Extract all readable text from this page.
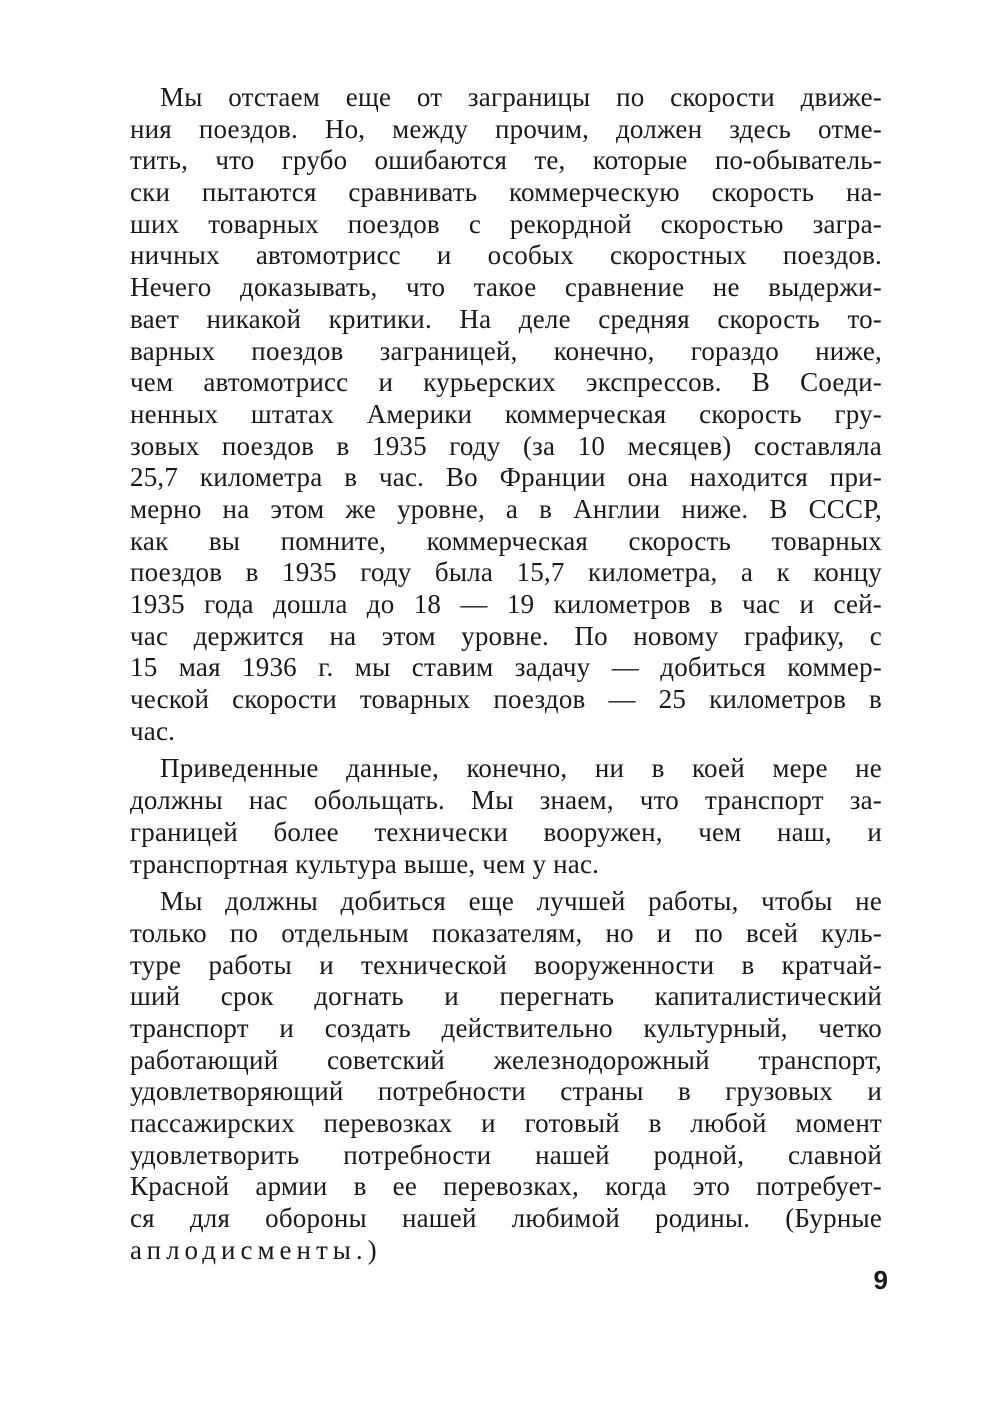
Мы отстаем еще от заграницы по скорости движе-
ния поездов. Но, между прочим, должен здесь отме-
тить, что грубо ошибаются те, которые по-обыватель-
ски пытаются сравнивать коммерческую скорость на-
ших товарных поездов с рекордной скоростью загра-
ничных автомотрисс и особых скоростных поездов.
Нечего доказывать, что такое сравнение не выдержи-
вает никакой критики. На деле средняя скорость то-
варных поездов заграницей, конечно, гораздо ниже,
чем автомотрисс и курьерских экспрессов. В Соеди-
ненных штатах Америки коммерческая скорость гру-
зовых поездов в 1935 году (за 10 месяцев) составляла
25,7 километра в час. Во Франции она находится при-
мерно на этом же уровне, а в Англии ниже. В СССР,
как вы помните, коммерческая скорость товарных
поездов в 1935 году была 15,7 километра, а к концу
1935 года дошла до 18 — 19 километров в час и сей-
час держится на этом уровне. По новому графику, с
15 мая 1936 г. мы ставим задачу — добиться коммер-
ческой скорости товарных поездов — 25 километров в
час.
Приведенные данные, конечно, ни в коей мере не
должны нас обольщать. Мы знаем, что транспорт за-
границей более технически вооружен, чем наш, и
транспортная культура выше, чем у нас.
Мы должны добиться еще лучшей работы, чтобы не
только по отдельным показателям, но и по всей куль-
туре работы и технической вооруженности в кратчай-
ший срок догнать и перегнать капиталистический
транспорт и создать действительно культурный, четко
работающий советский железнодорожный транспорт,
удовлетворяющий потребности страны в грузовых и
пассажирских перевозках и готовый в любой момент
удовлетворить потребности нашей родной, славной
Красной армии в ее перевозках, когда это потребует-
ся для обороны нашей любимой родины. (Бурные
аплодисменты.)
9
